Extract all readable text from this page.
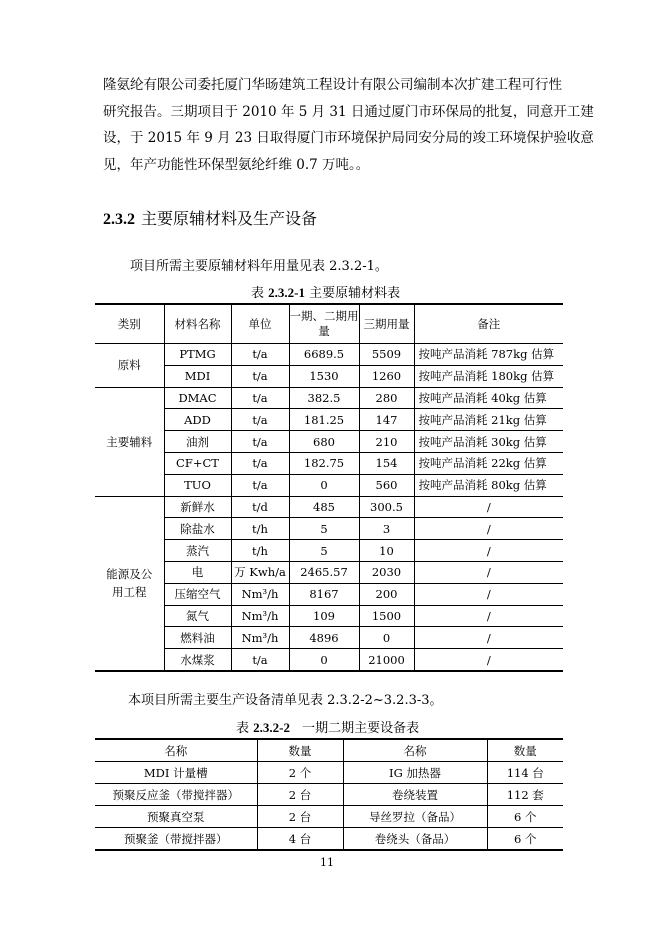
隆氨纶有限公司委托厦门华旸建筑工程设计有限公司编制本次扩建工程可行性
研究报告。三期项目于 2010 年 5 月 31 日通过厦门市环保局的批复，同意开工建
设，于 2015 年 9 月 23 日取得厦门市环境保护局同安分局的竣工环境保护验收意
见，年产功能性环保型氨纶纤维 0.7 万吨。。
2.3.2 主要原辅材料及生产设备
项目所需主要原辅材料年用量见表 2.3.2-1。
表 2.3.2-1 主要原辅材料表
类别	材料名称	单位	一期、二期用量	三期用量	备注
原料	PTMG	t/a	6689.5	5509	按吨产品消耗 787kg 估算
	MDI	t/a	1530	1260	按吨产品消耗 180kg 估算
主要辅料	DMAC	t/a	382.5	280	按吨产品消耗 40kg 估算
	ADD	t/a	181.25	147	按吨产品消耗 21kg 估算
	油剂	t/a	680	210	按吨产品消耗 30kg 估算
	CF+CT	t/a	182.75	154	按吨产品消耗 22kg 估算
	TUO	t/a	0	560	按吨产品消耗 80kg 估算
能源及公用工程	新鲜水	t/d	485	300.5	/
	除盐水	t/h	5	3	/
	蒸汽	t/h	5	10	/
	电	万 Kwh/a	2465.57	2030	/
	压缩空气	Nm³/h	8167	200	/
	氮气	Nm³/h	109	1500	/
	燃料油	Nm³/h	4896	0	/
	水煤浆	t/a	0	21000	/
本项目所需主要生产设备清单见表 2.3.2-2~3.2.3-3。
表 2.3.2-2 一期二期主要设备表
名称	数量	名称	数量
MDI 计量槽	2 个	IG 加热器	114 台
预聚反应釜（带搅拌器）	2 台	卷绕装置	112 套
预聚真空泵	2 台	导丝罗拉（备品）	6 个
预聚釜（带搅拌器）	4 台	卷绕头（备品）	6 个
11
